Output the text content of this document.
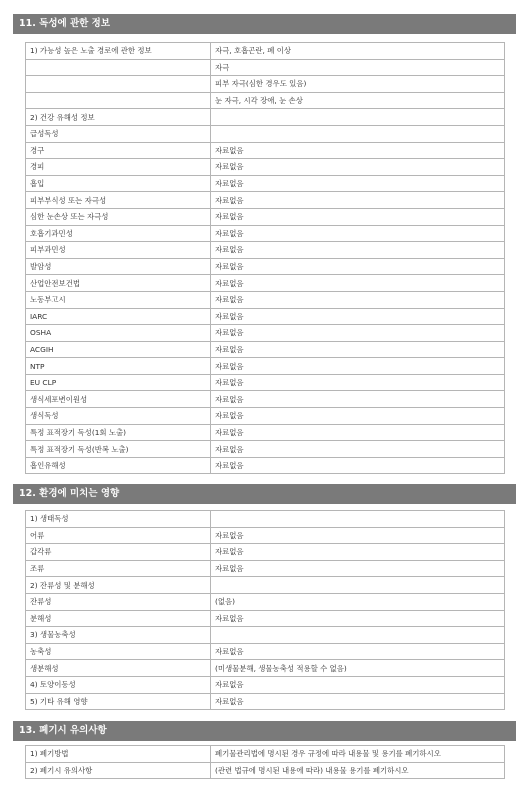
11. 독성에 관한 정보
1) 가능성 높은 노출 경로에 관한 정보	자극, 호흡곤란, 폐 이상
	자극
	피부 자극(심한 경우도 있음)
	눈 자극, 시각 장애, 눈 손상
2) 건강 유해성 정보	
급성독성	
경구	자료없음
경피	자료없음
흡입	자료없음
피부부식성 또는 자극성	자료없음
심한 눈손상 또는 자극성	자료없음
호흡기과민성	자료없음
피부과민성	자료없음
발암성	자료없음
산업안전보건법	자료없음
노동부고시	자료없음
IARC	자료없음
OSHA	자료없음
ACGIH	자료없음
NTP	자료없음
EU CLP	자료없음
생식세포변이원성	자료없음
생식독성	자료없음
특정 표적장기 독성(1회 노출)	자료없음
특정 표적장기 독성(반복 노출)	자료없음
흡인유해성	자료없음
12. 환경에 미치는 영향
1) 생태독성	
어류	자료없음
갑각류	자료없음
조류	자료없음
2) 잔류성 및 분해성	
잔류성	(없음)
분해성	자료없음
3) 생물농축성	
농축성	자료없음
생분해성	(미생물분해, 생물농축성 적용할 수 없음)
4) 토양이동성	자료없음
5) 기타 유해 영향	자료없음
13. 폐기시 유의사항
1) 폐기방법	폐기물관리법에 명시된 경우 규정에 따라 내용물 및 용기를 폐기하시오
2) 폐기시 유의사항	(관련 법규에 명시된 내용에 따라) 내용물 용기를 폐기하시오
